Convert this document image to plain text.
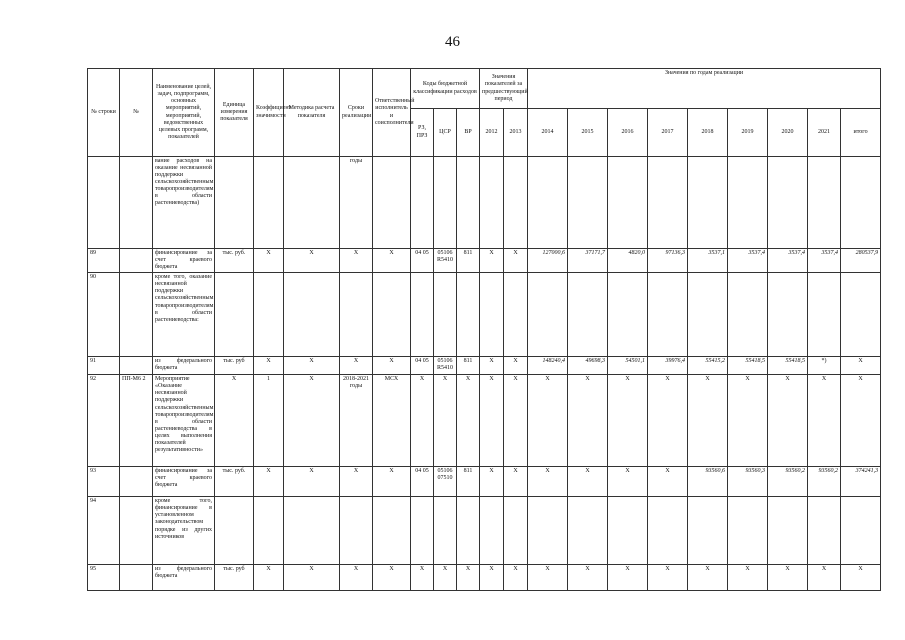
46
№ строки	№	Наименование целей, задач, подпрограмм, основных мероприятий, мероприятий, ведомственных целевых программ, показателей	Единица измерения показателя	Коэффициент значимости	Методика расчета показателя	Сроки реализации	Ответственный исполнитель и соисполнители	Коды бюджетной классификации расходов			Значения показателей за предшествующий период		Значения по годам реализации								
								РЗ, ПРЗ	ЦСР	ВР	2012	2013	2014	2015	2016	2017	2018	2019	2020	2021	итого
		вание расходов на оказание несвязанной поддержки сельскохозяйственным товаропроизводителям в области растениеводства)				годы															
89		финансирование за счет краевого бюджета	тыс. руб.	Х	Х	Х	Х	04 05	05106 R5410	811	Х	Х	127000,6	37171,7	4820,0	97136,3	3537,1	3537,4	3537,4	3537,4	280537,9
90		кроме того, оказание несвязанной поддержки сельскохозяйственным товаропроизводителям в области растениеводства:																			
91		из федерального бюджета	тыс. руб	Х	Х	Х	Х	04 05	05106 R5410	811	Х	Х	148240,4	49698,3	54501,1	39976,4	55415,2	55418,5	55418,5	*)	Х
92	ПП-М6 2	Мероприятие «Оказание несвязанной поддержки сельскохозяйственным товаропроизводителям в области растениеводства в целях выполнения показателей результативности»	Х	1	Х	2018-2021 годы	МСХ	Х	Х	Х	Х	Х	Х	Х	Х	Х	Х	Х	Х	Х	Х
93		финансирование за счет краевого бюджета	тыс. руб.	Х	Х	Х	Х	04 05	05106 07510	811	Х	Х	Х	Х	Х	Х	93560,6	93560,3	93560,2	93560,2	374241,3
94		кроме того, финансирование в установленном законодательством порядке из других источников																			
95		из федерального бюджета	тыс. руб	Х	Х	Х	Х	Х	Х	Х	Х	Х	Х	Х	Х	Х	Х	Х	Х	Х	Х
